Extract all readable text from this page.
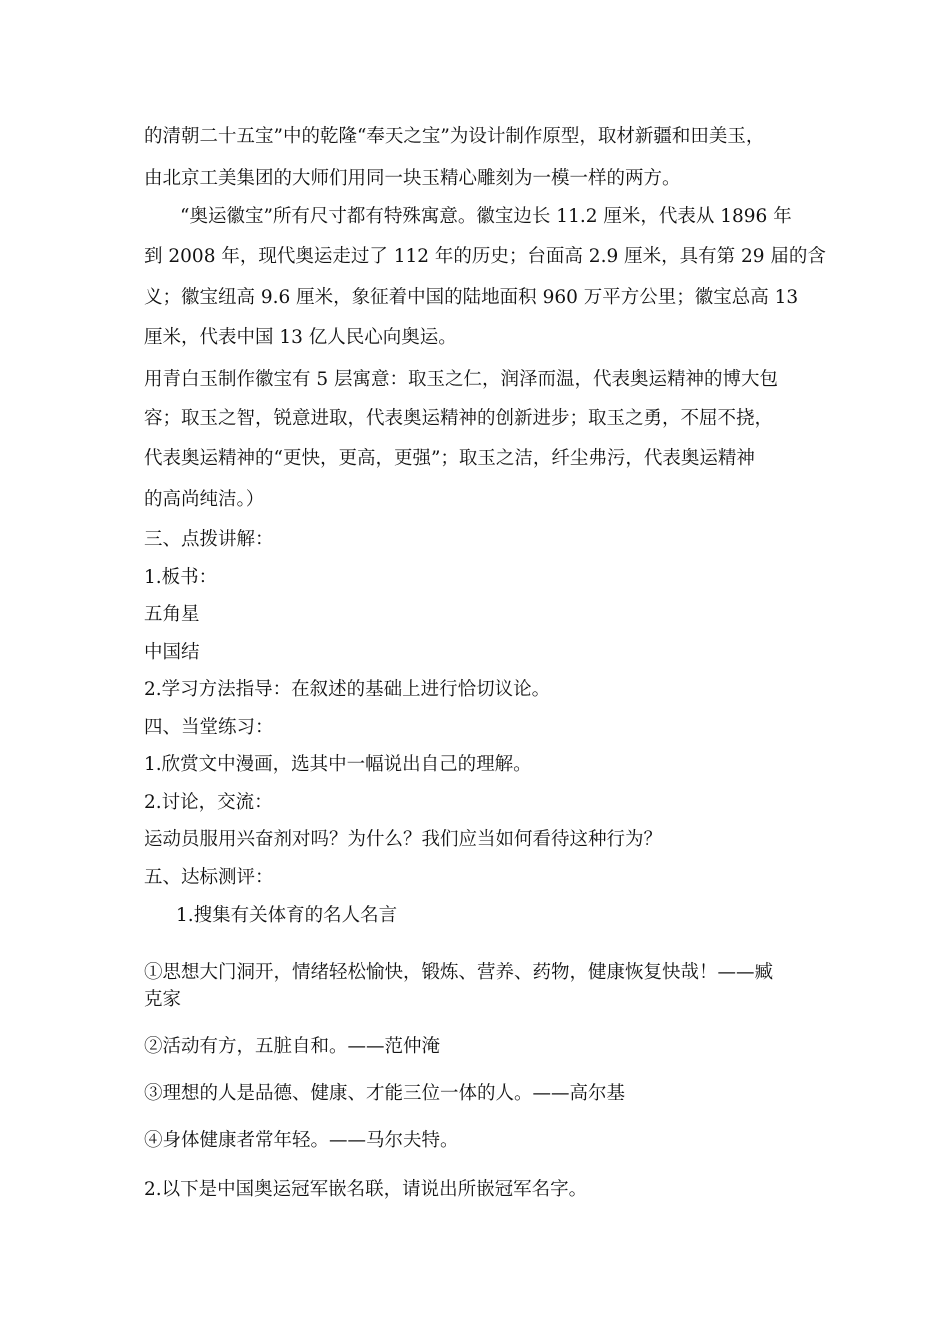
的清朝二十五宝”中的乾隆“奉天之宝”为设计制作原型，取材新疆和田美玉，
由北京工美集团的大师们用同一块玉精心雕刻为一模一样的两方。
“奥运徽宝”所有尺寸都有特殊寓意。徽宝边长 11.2 厘米，代表从 1896 年
到 2008 年，现代奥运走过了 112 年的历史；台面高 2.9 厘米，具有第 29 届的含
义；徽宝纽高 9.6 厘米，象征着中国的陆地面积 960 万平方公里；徽宝总高 13
厘米，代表中国 13 亿人民心向奥运。
用青白玉制作徽宝有 5 层寓意：取玉之仁，润泽而温，代表奥运精神的博大包
容；取玉之智，锐意进取，代表奥运精神的创新进步；取玉之勇，不屈不挠，
代表奥运精神的“更快，更高，更强”；取玉之洁，纤尘弗污，代表奥运精神
的高尚纯洁。）
三、点拨讲解：
1.板书：
五角星
中国结
2.学习方法指导：在叙述的基础上进行恰切议论。
四、当堂练习：
1.欣赏文中漫画，选其中一幅说出自己的理解。
2.讨论，交流：
运动员服用兴奋剂对吗？为什么？我们应当如何看待这种行为？
五、达标测评：
1.搜集有关体育的名人名言
①思想大门洞开，情绪轻松愉快，锻炼、营养、药物，健康恢复快哉！——臧
克家
②活动有方，五脏自和。——范仲淹
③理想的人是品德、健康、才能三位一体的人。——高尔基
④身体健康者常年轻。——马尔夫特。
2.以下是中国奥运冠军嵌名联，请说出所嵌冠军名字。
